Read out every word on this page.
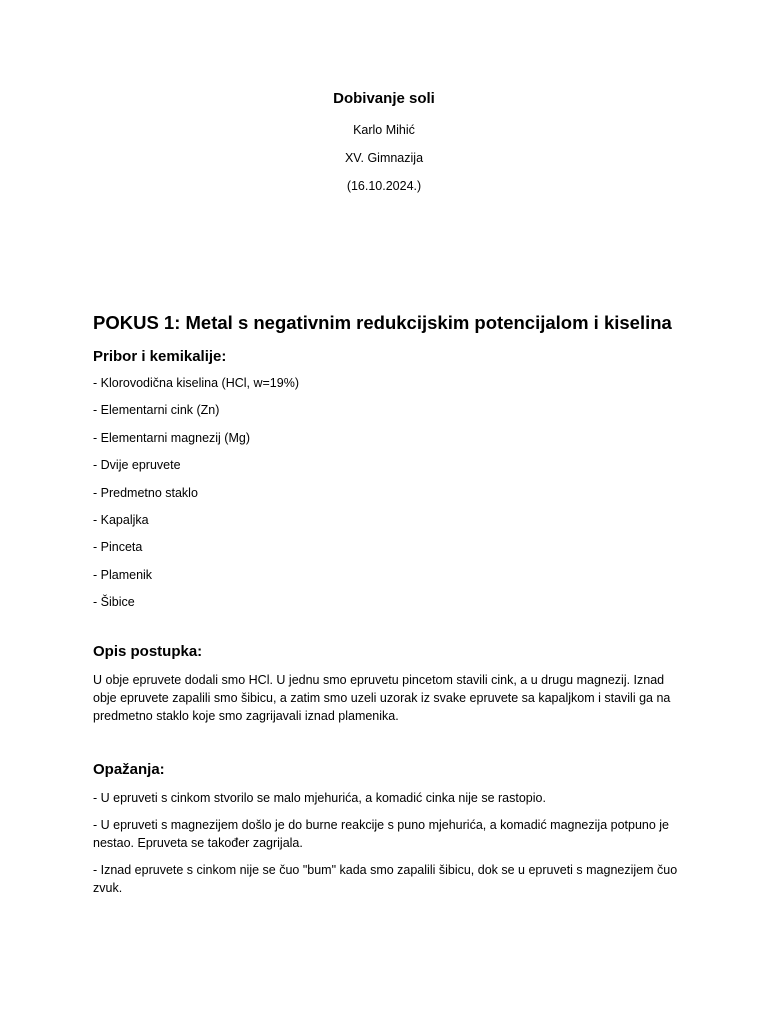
Dobivanje soli

Karlo Mihić

XV. Gimnazija

(16.10.2024.)

POKUS 1: Metal s negativnim redukcijskim potencijalom i kiselina
Pribor i kemikalije:
- Klorovodična kiselina (HCl, w=19%)
- Elementarni cink (Zn)
- Elementarni magnezij (Mg)
- Dvije epruvete
- Predmetno staklo
- Kapaljka
- Pinceta
- Plamenik
- Šibice
Opis postupka:

U obje epruvete dodali smo HCl. U jednu smo epruvetu pincetom stavili cink, a u drugu magnezij. Iznad obje epruvete zapalili smo šibicu, a zatim smo uzeli uzorak iz svake epruvete sa kapaljkom i stavili ga na predmetno staklo koje smo zagrijavali iznad plamenika.

Opažanja:

- U epruveti s cinkom stvorilo se malo mjehurića, a komadić cinka nije se rastopio.

- U epruveti s magnezijem došlo je do burne reakcije s puno mjehurića, a komadić magnezija potpuno je nestao. Epruveta se također zagrijala.

- Iznad epruvete s cinkom nije se čuo "bum" kada smo zapalili šibicu, dok se u epruveti s magnezijem čuo zvuk.
